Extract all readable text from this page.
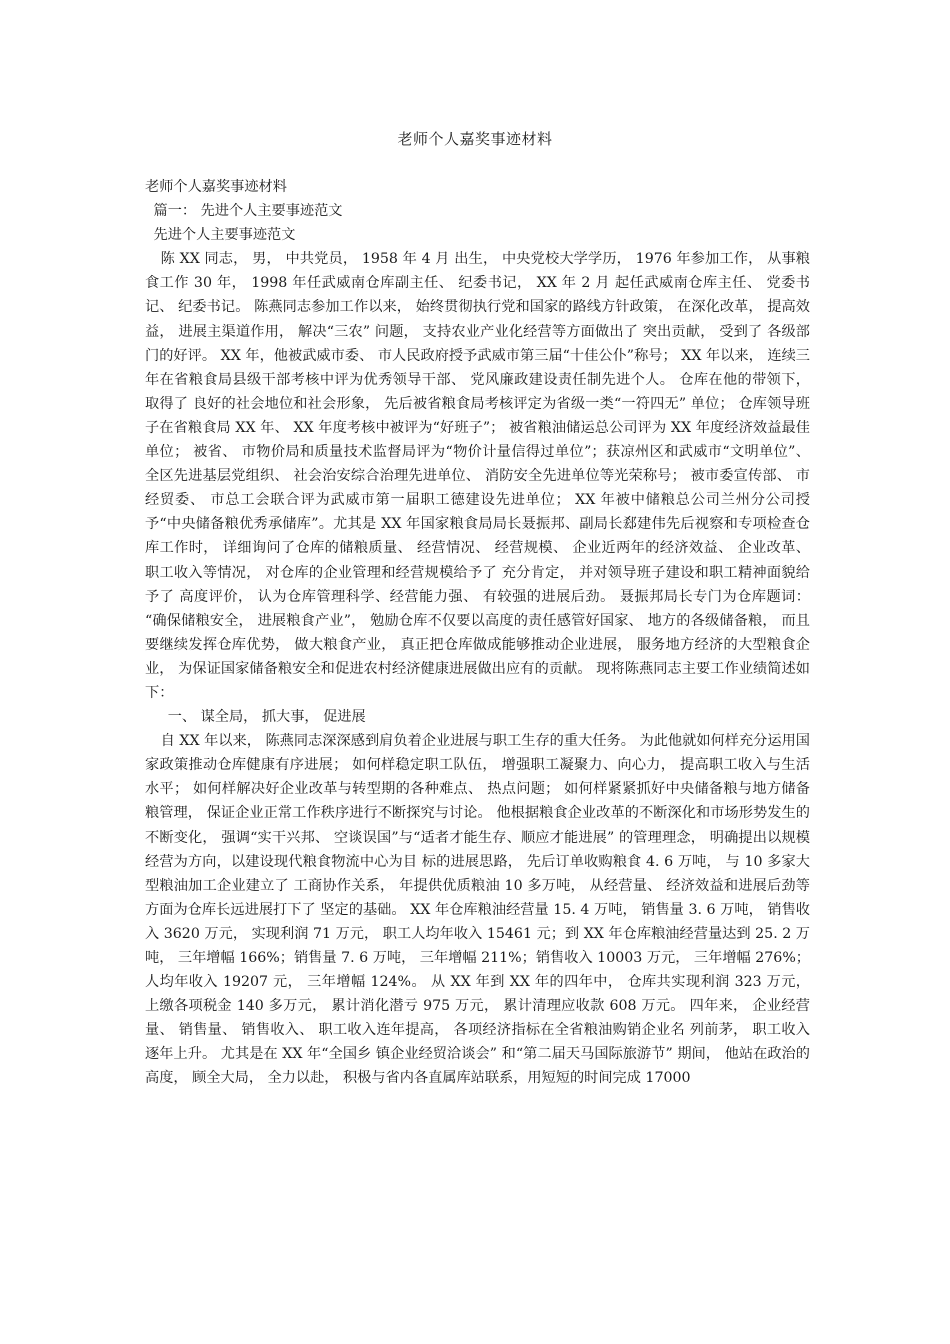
老师个人嘉奖事迹材料

老师个人嘉奖事迹材料

篇一： 先进个人主要事迹范文

先进个人主要事迹范文

陈 XX 同志， 男， 中共党员， 1958 年 4 月 出生， 中央党校大学学历， 1976 年参加工作， 从事粮食工作 30 年， 1998 年任武威南仓库副主任、 纪委书记， XX 年 2 月 起任武威南仓库主任、 党委书记、 纪委书记。 陈燕同志参加工作以来， 始终贯彻执行党和国家的路线方针政策， 在深化改革， 提高效益， 进展主渠道作用， 解决“三农” 问题， 支持农业产业化经营等方面做出了 突出贡献， 受到了 各级部门的好评。 XX 年，他被武威市委、 市人民政府授予武威市第三届“十佳公仆”称号； XX 年以来， 连续三年在省粮食局县级干部考核中评为优秀领导干部、 党风廉政建设责任制先进个人。 仓库在他的带领下， 取得了 良好的社会地位和社会形象， 先后被省粮食局考核评定为省级一类“一符四无” 单位； 仓库领导班子在省粮食局 XX 年、 XX 年度考核中被评为“好班子”； 被省粮油储运总公司评为 XX 年度经济效益最佳单位； 被省、 市物价局和质量技术监督局评为“物价计量信得过单位”；获凉州区和武威市“文明单位”、 全区先进基层党组织、 社会治安综合治理先进单位、 消防安全先进单位等光荣称号； 被市委宣传部、 市经贸委、 市总工会联合评为武威市第一届职工德建设先进单位； XX 年被中储粮总公司兰州分公司授予“中央储备粮优秀承储库”。尤其是 XX 年国家粮食局局长聂振邦、副局长郄建伟先后视察和专项检查仓库工作时， 详细询问了仓库的储粮质量、 经营情况、 经营规模、 企业近两年的经济效益、 企业改革、 职工收入等情况， 对仓库的企业管理和经营规模给予了 充分肯定， 并对领导班子建设和职工精神面貌给予了 高度评价， 认为仓库管理科学、经营能力强、 有较强的进展后劲。 聂振邦局长专门为仓库题词： “确保储粮安全， 进展粮食产业”， 勉励仓库不仅要以高度的责任感管好国家、 地方的各级储备粮， 而且要继续发挥仓库优势， 做大粮食产业， 真正把仓库做成能够推动企业进展， 服务地方经济的大型粮食企业， 为保证国家储备粮安全和促进农村经济健康进展做出应有的贡献。 现将陈燕同志主要工作业绩简述如下：

一、 谋全局， 抓大事， 促进展

自 XX 年以来， 陈燕同志深深感到肩负着企业进展与职工生存的重大任务。 为此他就如何样充分运用国家政策推动仓库健康有序进展； 如何样稳定职工队伍， 增强职工凝聚力、向心力， 提高职工收入与生活水平； 如何样解决好企业改革与转型期的各种难点、 热点问题； 如何样紧紧抓好中央储备粮与地方储备粮管理， 保证企业正常工作秩序进行不断探究与讨论。 他根据粮食企业改革的不断深化和市场形势发生的不断变化， 强调“实干兴邦、 空谈误国”与“适者才能生存、顺应才能进展” 的管理理念， 明确提出以规模经营为方向，以建设现代粮食物流中心为目 标的进展思路， 先后订单收购粮食 4. 6 万吨， 与 10 多家大型粮油加工企业建立了 工商协作关系， 年提供优质粮油 10 多万吨， 从经营量、 经济效益和进展后劲等方面为仓库长远进展打下了 坚定的基础。 XX 年仓库粮油经营量 15. 4 万吨， 销售量 3. 6 万吨， 销售收入 3620 万元， 实现利润 71 万元， 职工人均年收入 15461 元；到 XX 年仓库粮油经营量达到 25. 2 万吨， 三年增幅 166%；销售量 7. 6 万吨， 三年增幅 211%；销售收入 10003 万元， 三年增幅 276%； 人均年收入 19207 元， 三年增幅 124%。 从 XX 年到 XX 年的四年中， 仓库共实现利润 323 万元， 上缴各项税金 140 多万元， 累计消化潜亏 975 万元， 累计清理应收款 608 万元。 四年来， 企业经营量、 销售量、 销售收入、 职工收入连年提高， 各项经济指标在全省粮油购销企业名 列前茅， 职工收入逐年上升。 尤其是在 XX 年“全国乡 镇企业经贸洽谈会” 和“第二届天马国际旅游节” 期间， 他站在政治的高度， 顾全大局， 全力以赴， 积极与省内各直属库站联系，用短短的时间完成 17000
